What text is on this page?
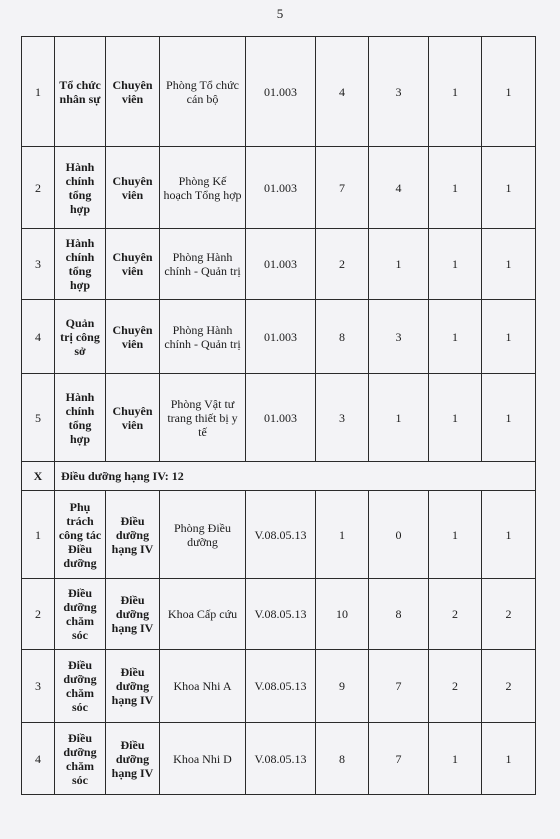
5
1	Tổ chức nhân sự	Chuyên viên	Phòng Tổ chức cán bộ	01.003	4	3	1	1
2	Hành chính tổng hợp	Chuyên viên	Phòng Kế hoạch Tổng hợp	01.003	7	4	1	1
3	Hành chính tổng hợp	Chuyên viên	Phòng Hành chính - Quản trị	01.003	2	1	1	1
4	Quản trị công sở	Chuyên viên	Phòng Hành chính - Quản trị	01.003	8	3	1	1
5	Hành chính tổng hợp	Chuyên viên	Phòng Vật tư trang thiết bị y tế	01.003	3	1	1	1
X	Điều dưỡng hạng IV: 12							
1	Phụ trách công tác Điều dưỡng	Điều dưỡng hạng IV	Phòng Điều dưỡng	V.08.05.13	1	0	1	1
2	Điều dưỡng chăm sóc	Điều dưỡng hạng IV	Khoa Cấp cứu	V.08.05.13	10	8	2	2
3	Điều dưỡng chăm sóc	Điều dưỡng hạng IV	Khoa Nhi A	V.08.05.13	9	7	2	2
4	Điều dưỡng chăm sóc	Điều dưỡng hạng IV	Khoa Nhi D	V.08.05.13	8	7	1	1
